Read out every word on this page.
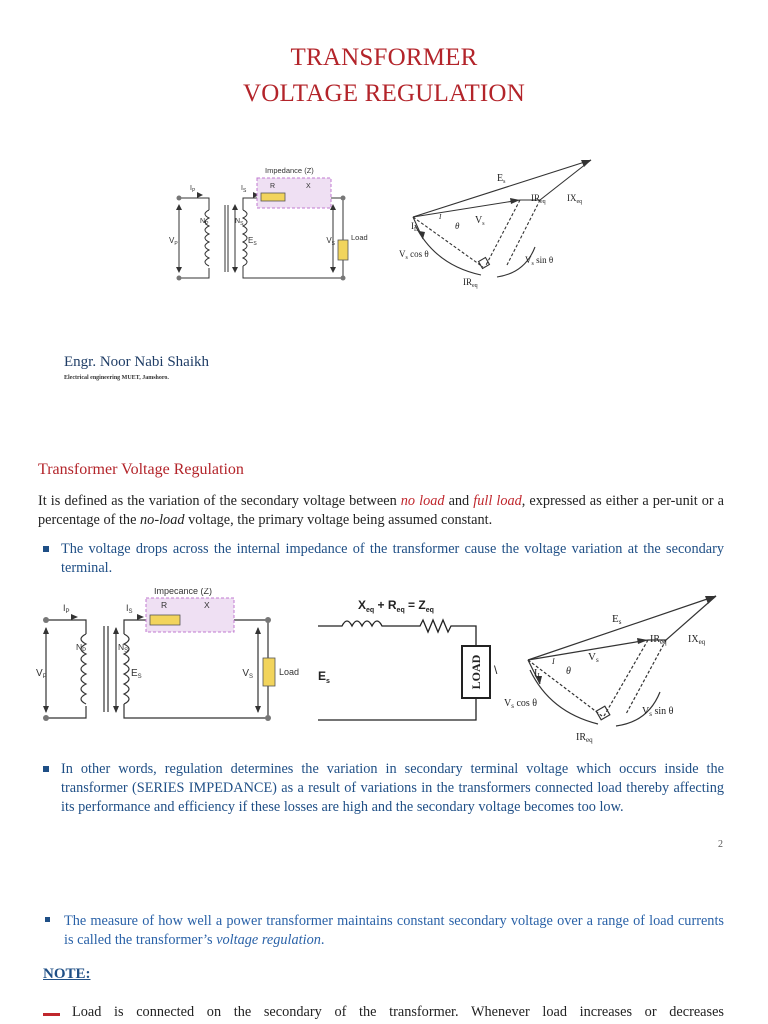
TRANSFORMER
VOLTAGE REGULATION
Impedance (Z)
R	X
$I_P$	$I_S$
$N_P$	$N_S$
$V_P$	$E_S$	$V_S$
Load
$E_s$
$V_s$
$IR_{eq}$ $IX_{eq}$
$I_L$	θ
I
$V_s$ cos θ
$V_s$ sin θ
$IR_{eq}$
Engr. Noor Nabi Shaikh
Electrical engineering MUET, Jamshoro.
Transformer Voltage Regulation
It is defined as the variation of the secondary voltage between no load and full load, expressed as either a per-unit or a percentage of the no-load voltage, the primary voltage being assumed constant.
The voltage drops across the internal impedance of the transformer cause the voltage variation at the secondary terminal.
Impecance (Z)
R	X
$I_P$	$I_S$
$N_P$	$N_S$
$V_P$	$E_S$	$V_S$	Load	LOAD
$X_{eq} + R_{eq} = Z_{eq}$
$E_s$
\
Es
Vs
$IR_{eq}$ $IX_{eq}$
$I_L$ θ
I
$V_s$ cos θ
$V_s$ sin θ
$IR_{eq}$
In other words, regulation determines the variation in secondary terminal voltage which occurs inside the transformer (SERIES IMPEDANCE) as a result of variations in the transformers connected load thereby affecting its performance and efficiency if these losses are high and the secondary voltage becomes too low.
2
The measure of how well a power transformer maintains constant secondary voltage over a range of load currents is called the transformer’s voltage regulation.
NOTE:
Load is connected on the secondary of the transformer. Whenever load increases or decreases
